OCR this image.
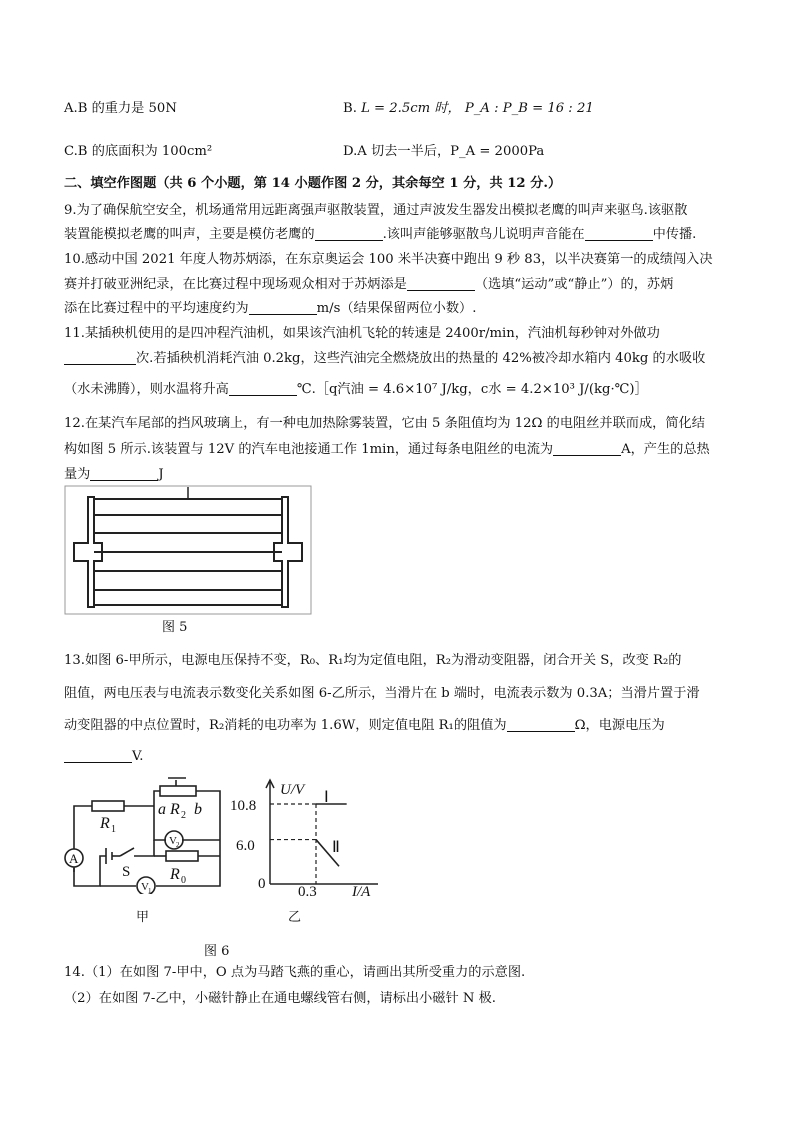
A.B 的重力是 50N	B. L = 2.5cm 时， P_A : P_B = 16 : 21
C.B 的底面积为 100cm²	D.A 切去一半后，P_A = 2000Pa
二、填空作图题（共 6 个小题，第 14 小题作图 2 分，其余每空 1 分，共 12 分.）
9.为了确保航空安全，机场通常用远距离强声驱散装置，通过声波发生器发出模拟老鹰的叫声来驱鸟.该驱散
装置能模拟老鹰的叫声，主要是模仿老鹰的	.该叫声能够驱散鸟儿说明声音能在	中传播.
10.感动中国 2021 年度人物苏炳添，在东京奥运会 100 米半决赛中跑出 9 秒 83，以半决赛第一的成绩闯入决
赛并打破亚洲纪录，在比赛过程中现场观众相对于苏炳添是	（选填“运动”或“静止”）的，苏炳
添在比赛过程中的平均速度约为	m/s（结果保留两位小数）.
11.某插秧机使用的是四冲程汽油机，如果该汽油机飞轮的转速是 2400r/min，汽油机每秒钟对外做功
次.若插秧机消耗汽油 0.2kg，这些汽油完全燃烧放出的热量的 42%被冷却水箱内 40kg 的水吸收
（水未沸腾），则水温将升高	℃.［q汽油 = 4.6×10⁷ J/kg，c水 = 4.2×10³ J/(kg·℃)］
12.在某汽车尾部的挡风玻璃上，有一种电加热除雾装置，它由 5 条阻值均为 12Ω 的电阻丝并联而成，简化结
构如图 5 所示.该装置与 12V 的汽车电池接通工作 1min，通过每条电阻丝的电流为	A，产生的总热
量为	J
图 5
13.如图 6-甲所示，电源电压保持不变，R₀、R₁均为定值电阻，R₂为滑动变阻器，闭合开关 S，改变 R₂的
阻值，两电压表与电流表示数变化关系如图 6-乙所示，当滑片在 b 端时，电流表示数为 0.3A；当滑片置于滑
动变阻器的中点位置时，R₂消耗的电功率为 1.6W，则定值电阻 R₁的阻值为	Ω，电源电压为
V.
A
R 1
a R 2 b
V 2
S R 0
V 1
甲
U/V
10.8
6.0
0 0.3 I/A
Ⅰ
Ⅱ
乙
图 6
14.（1）在如图 7-甲中，O 点为马踏飞燕的重心，请画出其所受重力的示意图.
（2）在如图 7-乙中，小磁针静止在通电螺线管右侧，请标出小磁针 N 极.
